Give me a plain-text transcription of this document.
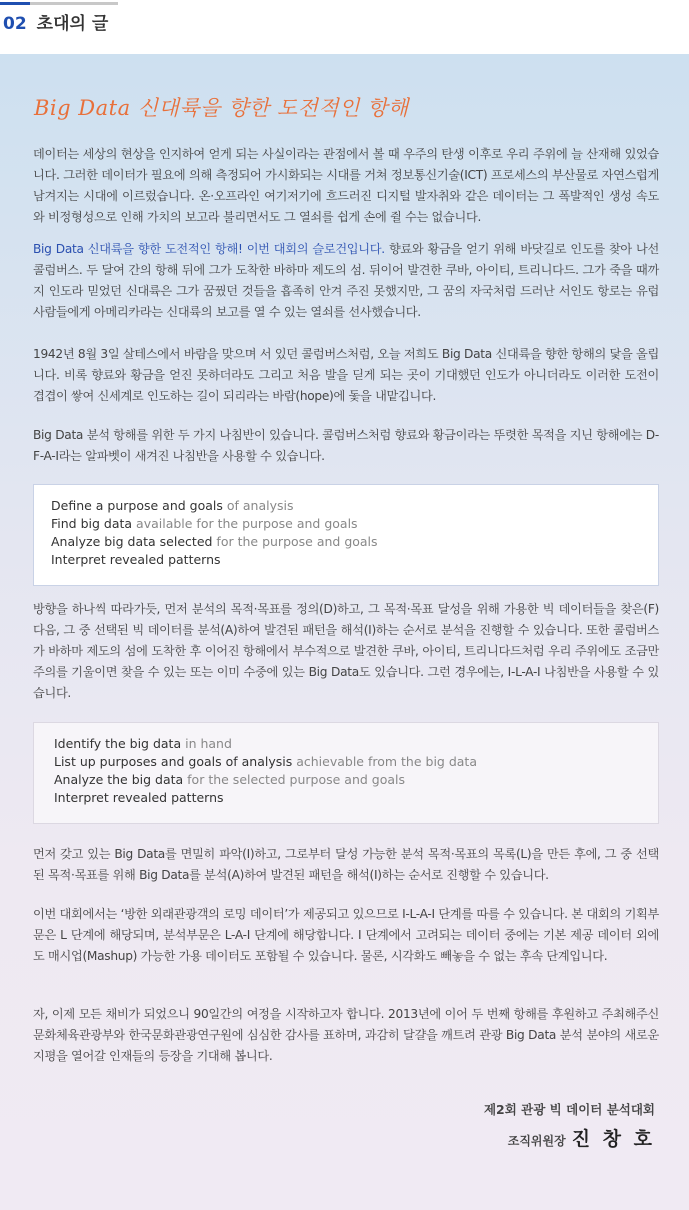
02 초대의 글
Big Data 신대륙을 향한 도전적인 항해
데이터는 세상의 현상을 인지하여 얻게 되는 사실이라는 관점에서 볼 때 우주의 탄생 이후로 우리 주위에 늘 산재해 있었습니다. 그러한 데이터가 필요에 의해 측정되어 가시화되는 시대를 거쳐 정보통신기술(ICT) 프로세스의 부산물로 자연스럽게 남겨지는 시대에 이르렀습니다. 온·오프라인 여기저기에 흐드러진 디지털 발자취와 같은 데이터는 그 폭발적인 생성 속도와 비정형성으로 인해 가치의 보고라 불리면서도 그 열쇠를 쉽게 손에 쥘 수는 없습니다.
Big Data 신대륙을 향한 도전적인 항해! 이번 대회의 슬로건입니다. 향료와 황금을 얻기 위해 바닷길로 인도를 찾아 나선 콜럼버스. 두 달여 간의 항해 뒤에 그가 도착한 바하마 제도의 섬. 뒤이어 발견한 쿠바, 아이티, 트리니다드. 그가 죽을 때까지 인도라 믿었던 신대륙은 그가 꿈꿨던 것들을 흡족히 안겨 주진 못했지만, 그 꿈의 자국처럼 드러난 서인도 항로는 유럽 사람들에게 아메리카라는 신대륙의 보고를 열 수 있는 열쇠를 선사했습니다.
1942년 8월 3일 살테스에서 바람을 맞으며 서 있던 콜럼버스처럼, 오늘 저희도 Big Data 신대륙을 향한 항해의 닻을 올립니다. 비록 향료와 황금을 얻진 못하더라도 그리고 처음 발을 딛게 되는 곳이 기대했던 인도가 아니더라도 이러한 도전이 겹겹이 쌓여 신세계로 인도하는 길이 되리라는 바람(hope)에 돛을 내맡깁니다.
Big Data 분석 항해를 위한 두 가지 나침반이 있습니다. 콜럼버스처럼 향료와 황금이라는 뚜렷한 목적을 지닌 항해에는 D-F-A-I라는 알파벳이 새겨진 나침반을 사용할 수 있습니다.
Define a purpose and goals of analysis
Find big data available for the purpose and goals
Analyze big data selected for the purpose and goals
Interpret revealed patterns
방향을 하나씩 따라가듯, 먼저 분석의 목적·목표를 정의(D)하고, 그 목적·목표 달성을 위해 가용한 빅 데이터들을 찾은(F) 다음, 그 중 선택된 빅 데이터를 분석(A)하여 발견된 패턴을 해석(I)하는 순서로 분석을 진행할 수 있습니다. 또한 콜럼버스가 바하마 제도의 섬에 도착한 후 이어진 항해에서 부수적으로 발견한 쿠바, 아이티, 트리니다드처럼 우리 주위에도 조금만 주의를 기울이면 찾을 수 있는 또는 이미 수중에 있는 Big Data도 있습니다. 그런 경우에는, I-L-A-I 나침반을 사용할 수 있습니다.
Identify the big data in hand
List up purposes and goals of analysis achievable from the big data
Analyze the big data for the selected purpose and goals
Interpret revealed patterns
먼저 갖고 있는 Big Data를 면밀히 파악(I)하고, 그로부터 달성 가능한 분석 목적·목표의 목록(L)을 만든 후에, 그 중 선택된 목적·목표를 위해 Big Data를 분석(A)하여 발견된 패턴을 해석(I)하는 순서로 진행할 수 있습니다.
이번 대회에서는 ‘방한 외래관광객의 로밍 데이터’가 제공되고 있으므로 I-L-A-I 단계를 따를 수 있습니다. 본 대회의 기획부문은 L 단계에 해당되며, 분석부문은 L-A-I 단계에 해당합니다. I 단계에서 고려되는 데이터 중에는 기본 제공 데이터 외에도 매시업(Mashup) 가능한 가용 데이터도 포함될 수 있습니다. 물론, 시각화도 빼놓을 수 없는 후속 단계입니다.
자, 이제 모든 채비가 되었으니 90일간의 여정을 시작하고자 합니다. 2013년에 이어 두 번째 항해를 후원하고 주최해주신 문화체육관광부와 한국문화관광연구원에 심심한 감사를 표하며, 과감히 달걀을 깨트려 관광 Big Data 분석 분야의 새로운 지평을 열어갈 인재들의 등장을 기대해 봅니다.
제2회 관광 빅 데이터 분석대회
조직위원장 진 창 호
